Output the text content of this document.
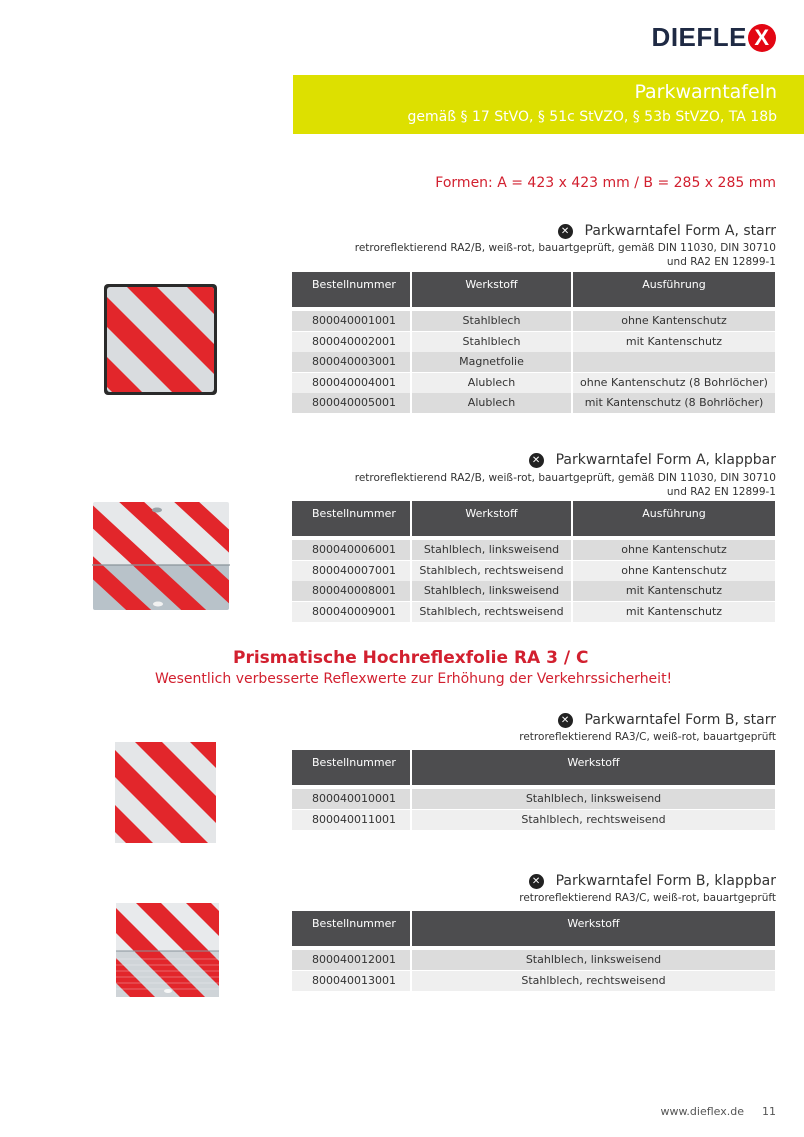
DIEFLE X
Parkwarntafeln
gemäß § 17 StVO, § 51c StVZO, § 53b StVZO, TA 18b
Formen: A = 423 x 423 mm / B = 285 x 285 mm
✕ Parkwarntafel Form A, starr
retroreflektierend RA2/B, weiß-rot, bauartgeprüft, gemäß DIN 11030, DIN 30710
und RA2 EN 12899-1
Bestellnummer	Werkstoff	Ausführung
800040001001	Stahlblech	ohne Kantenschutz
800040002001	Stahlblech	mit Kantenschutz
800040003001	Magnetfolie
800040004001	Alublech	ohne Kantenschutz (8 Bohrlöcher)
800040005001	Alublech	mit Kantenschutz (8 Bohrlöcher)
✕ Parkwarntafel Form A, klappbar
retroreflektierend RA2/B, weiß-rot, bauartgeprüft, gemäß DIN 11030, DIN 30710
und RA2 EN 12899-1
Bestellnummer	Werkstoff	Ausführung
800040006001	Stahlblech, linksweisend	ohne Kantenschutz
800040007001	Stahlblech, rechtsweisend	ohne Kantenschutz
800040008001	Stahlblech, linksweisend	mit Kantenschutz
800040009001	Stahlblech, rechtsweisend	mit Kantenschutz
Prismatische Hochreflexfolie RA 3 / C
Wesentlich verbesserte Reflexwerte zur Erhöhung der Verkehrssicherheit!
✕ Parkwarntafel Form B, starr
retroreflektierend RA3/C, weiß-rot, bauartgeprüft
Bestellnummer	Werkstoff
800040010001	Stahlblech, linksweisend
800040011001	Stahlblech, rechtsweisend
✕ Parkwarntafel Form B, klappbar
retroreflektierend RA3/C, weiß-rot, bauartgeprüft
Bestellnummer	Werkstoff
800040012001	Stahlblech, linksweisend
800040013001	Stahlblech, rechtsweisend
www.dieflex.de 11
